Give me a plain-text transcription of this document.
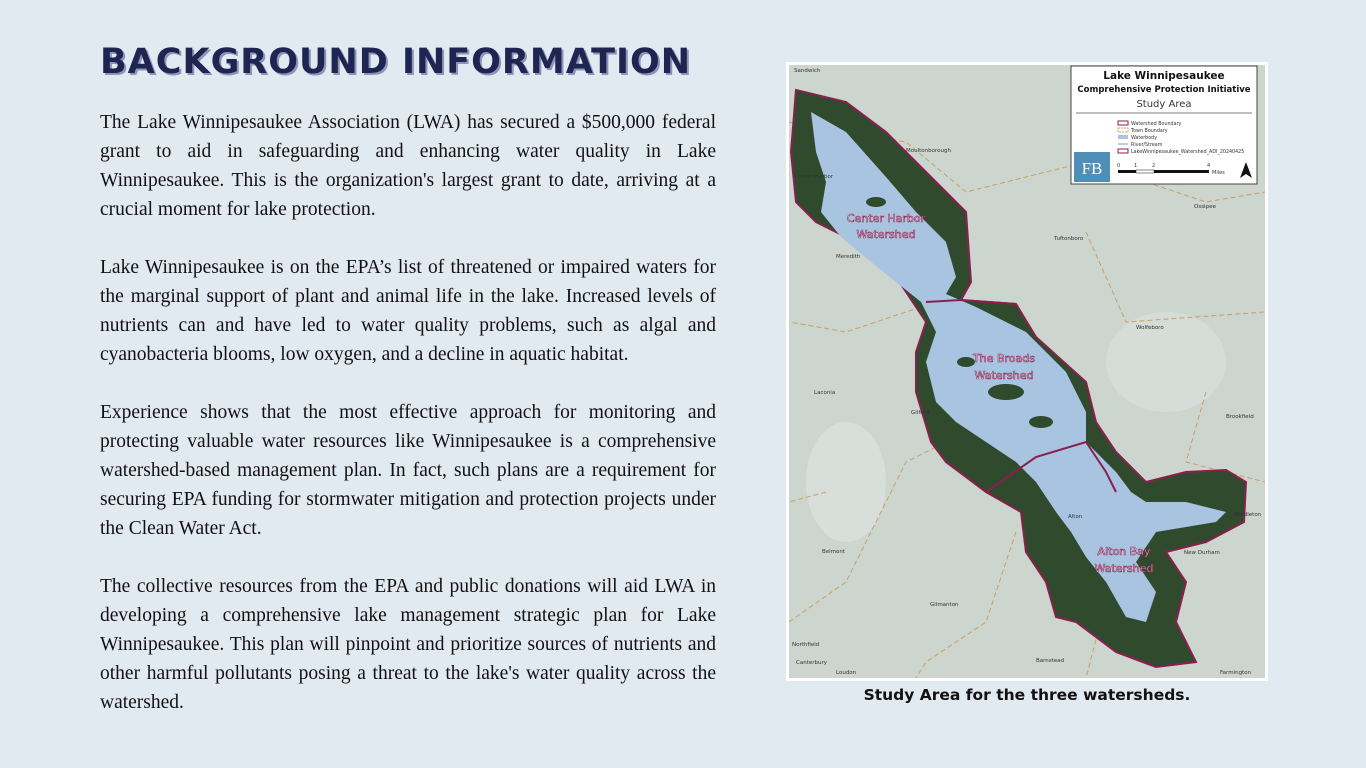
BACKGROUND INFORMATION

The Lake Winnipesaukee Association (LWA) has secured a $500,000 federal grant to aid in safeguarding and enhancing water quality in Lake Winnipesaukee. This is the organization's largest grant to date, arriving at a crucial moment for lake protection.

Lake Winnipesaukee is on the EPA’s list of threatened or impaired waters for the marginal support of plant and animal life in the lake. Increased levels of nutrients can and have led to water quality problems, such as algal and cyanobacteria blooms, low oxygen, and a decline in aquatic habitat.

Experience shows that the most effective approach for monitoring and protecting valuable water resources like Winnipesaukee is a comprehensive watershed-based management plan. In fact, such plans are a requirement for securing EPA funding for stormwater mitigation and protection projects under the Clean Water Act.

The collective resources from the EPA and public donations will aid LWA in developing a comprehensive lake management strategic plan for Lake Winnipesaukee. This plan will pinpoint and prioritize sources of nutrients and other harmful pollutants posing a threat to the lake's water quality across the watershed.

Center Harbor
Watershed
The Broads
Watershed
Alton Bay
Watershed
Sandwich
Moultonborough
Center Harbor
Ossipee
Tuftonboro
Meredith
Wolfeboro
Laconia
Gilford
Brookfield
Middleton
Alton
New Durham
Belmont
Gilmanton
Northfield
Canterbury
Loudon
Barnstead
Farmington
Lake Winnipesaukee
Comprehensive Protection Initiative
Study Area
Watershed Boundary
Town Boundary
Waterbody
River/Stream
LakeWinnipesaukee_Watershed_ADI_20240425
FB	0	1	2	4
Miles
Study Area for the three watersheds.
